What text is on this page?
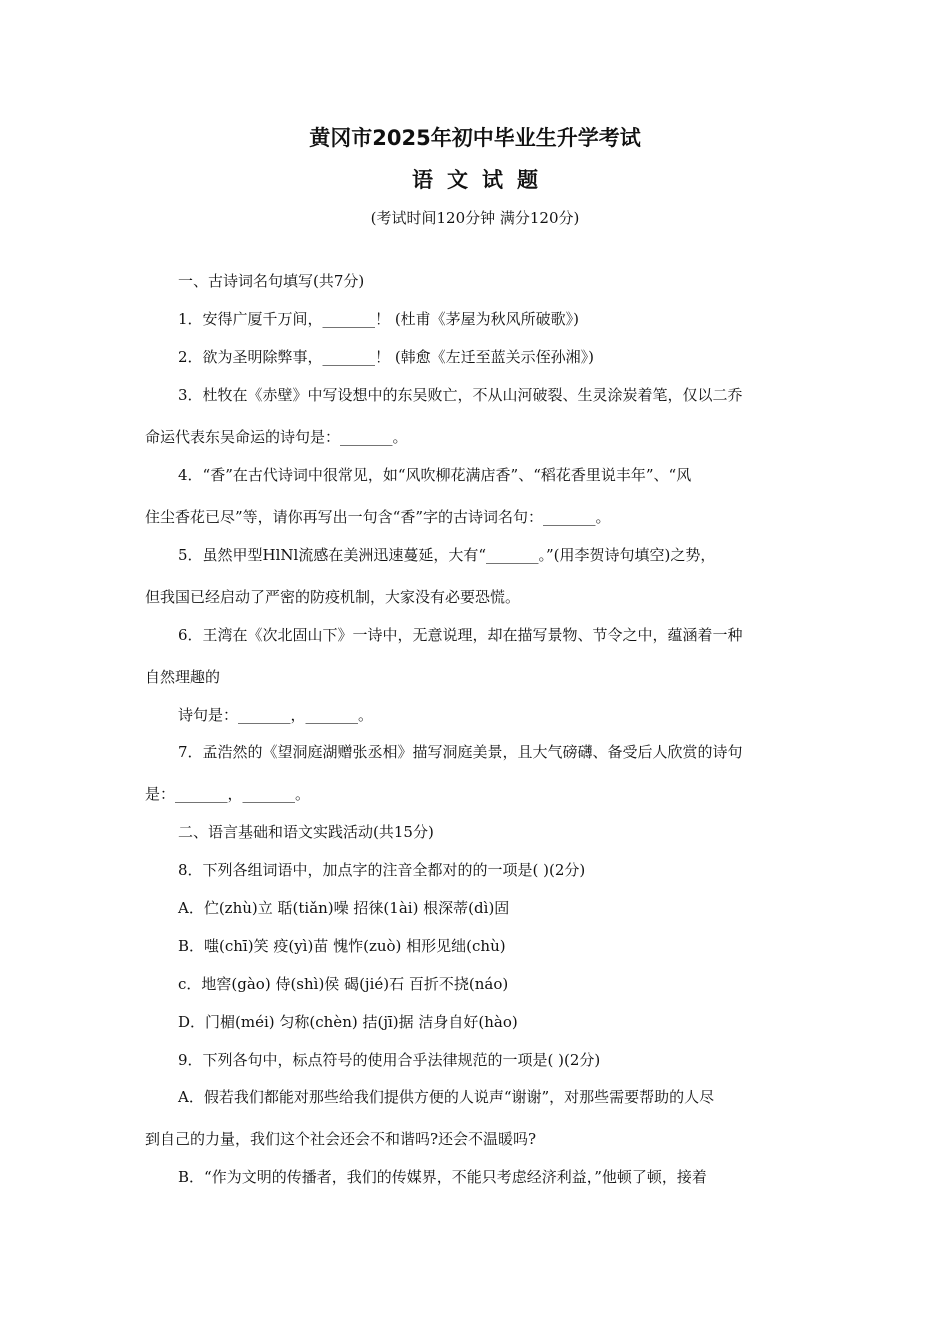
黄冈市2025年初中毕业生升学考试
语文试题
(考试时间120分钟 满分120分)
一、古诗词名句填写(共7分)
1．安得广厦千万间，_______！ (杜甫《茅屋为秋风所破歌》)
2．欲为圣明除弊事，_______！ (韩愈《左迁至蓝关示侄孙湘》)
3．杜牧在《赤壁》中写设想中的东吴败亡，不从山河破裂、生灵涂炭着笔，仅以二乔
命运代表东吴命运的诗句是：_______。
4．“香”在古代诗词中很常见，如“风吹柳花满店香”、“稻花香里说丰年”、“风
住尘香花已尽”等，请你再写出一句含“香”字的古诗词名句：_______。
5．虽然甲型HlNl流感在美洲迅速蔓延，大有“_______。”(用李贺诗句填空)之势，
但我国已经启动了严密的防疫机制，大家没有必要恐慌。
6．王湾在《次北固山下》一诗中，无意说理，却在描写景物、节令之中，蕴涵着一种
自然理趣的
诗句是：_______，_______。
7．孟浩然的《望洞庭湖赠张丞相》描写洞庭美景，且大气磅礴、备受后人欣赏的诗句
是：_______，_______。
二、语言基础和语文实践活动(共15分)
8．下列各组词语中，加点字的注音全都对的的一项是( )(2分)
A．伫(zhù)立 聒(tiǎn)噪 招徕(1ài) 根深蒂(dì)固
B．嗤(chī)笑 疫(yì)苗 愧怍(zuò) 相形见绌(chù)
c．地窖(gào) 侍(shì)侯 碣(jié)石 百折不挠(náo)
D．门楣(méi) 匀称(chèn) 拮(jī)据 洁身自好(hào)
9．下列各句中，标点符号的使用合乎法律规范的一项是( )(2分)
A．假若我们都能对那些给我们提供方便的人说声“谢谢”，对那些需要帮助的人尽
到自己的力量，我们这个社会还会不和谐吗?还会不温暖吗?
B．“作为文明的传播者，我们的传媒界，不能只考虑经济利益，”他顿了顿，接着
